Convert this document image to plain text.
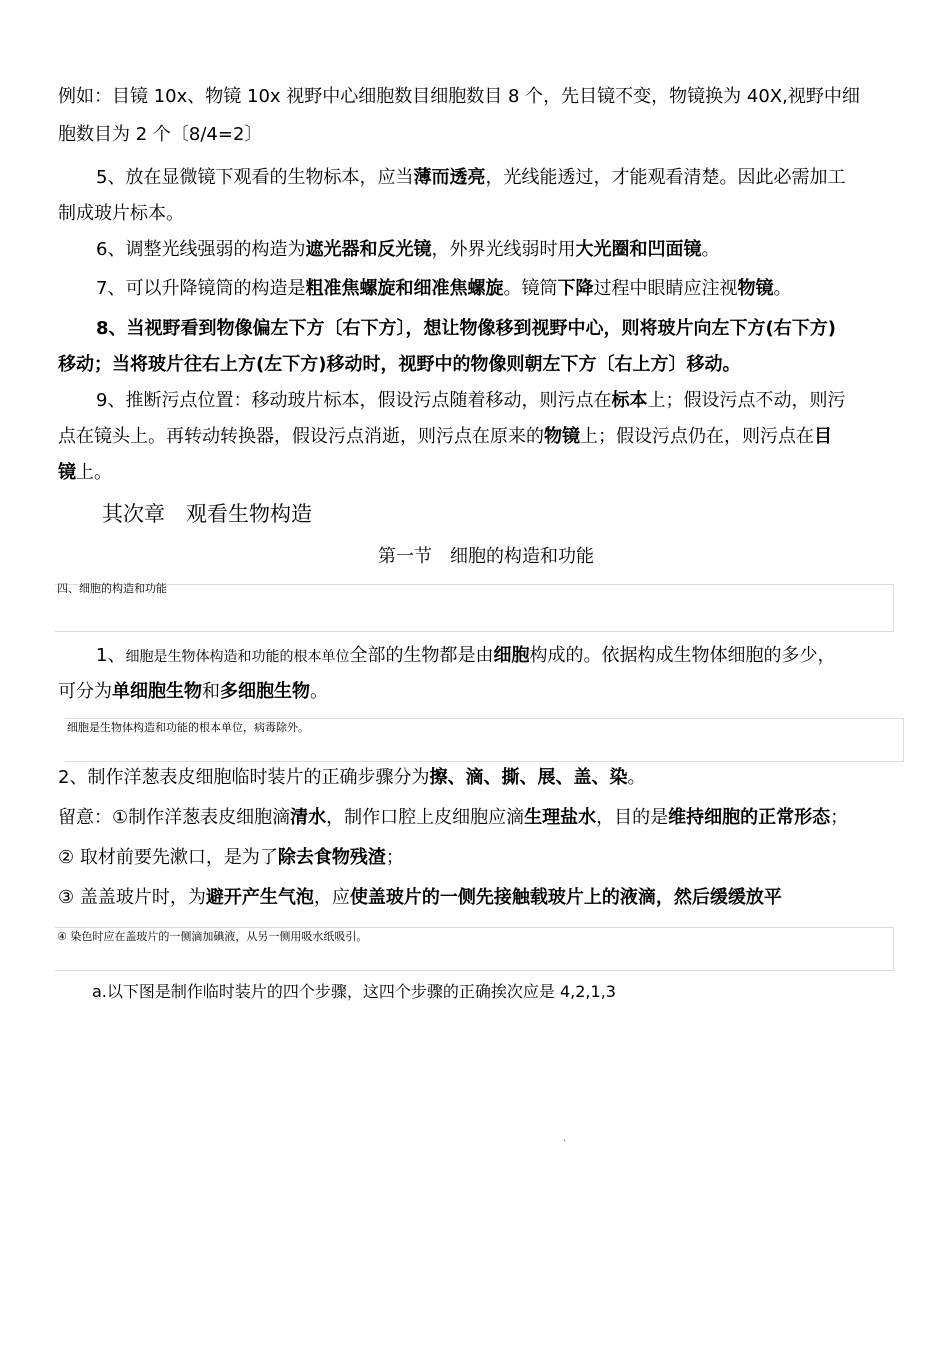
例如：目镜 10x、物镜 10x 视野中心细胞数目细胞数目 8 个，先目镜不变，物镜换为 40X,视野中细
胞数目为 2 个〔8/4=2〕
5、放在显微镜下观看的生物标本，应当薄而透亮，光线能透过，才能观看清楚。因此必需加工
制成玻片标本。
6、调整光线强弱的构造为遮光器和反光镜，外界光线弱时用大光圈和凹面镜。
7、可以升降镜筒的构造是粗准焦螺旋和细准焦螺旋。镜筒下降过程中眼睛应注视物镜。
8、当视野看到物像偏左下方〔右下方〕，想让物像移到视野中心，则将玻片向左下方(右下方)
移动；当将玻片往右上方(左下方)移动时，视野中的物像则朝左下方〔右上方〕移动。
9、推断污点位置：移动玻片标本，假设污点随着移动，则污点在标本上；假设污点不动，则污
点在镜头上。再转动转换器，假设污点消逝，则污点在原来的物镜上；假设污点仍在，则污点在目
镜上。
其次章　观看生物构造
第一节　细胞的构造和功能
四、细胞的构造和功能
1、细胞是生物体构造和功能的根本单位全部的生物都是由细胞构成的。依据构成生物体细胞的多少，
可分为单细胞生物和多细胞生物。
细胞是生物体构造和功能的根本单位，病毒除外。
2、制作洋葱表皮细胞临时装片的正确步骤分为擦、滴、撕、展、盖、染。
留意：①制作洋葱表皮细胞滴清水，制作口腔上皮细胞应滴生理盐水，目的是维持细胞的正常形态；
② 取材前要先漱口，是为了除去食物残渣；
③ 盖盖玻片时，为避开产生气泡，应使盖玻片的一侧先接触载玻片上的液滴，然后缓缓放平
④ 染色时应在盖玻片的一侧滴加碘液，从另一侧用吸水纸吸引。
a.以下图是制作临时装片的四个步骤，这四个步骤的正确挨次应是 4,2,1,3
.
